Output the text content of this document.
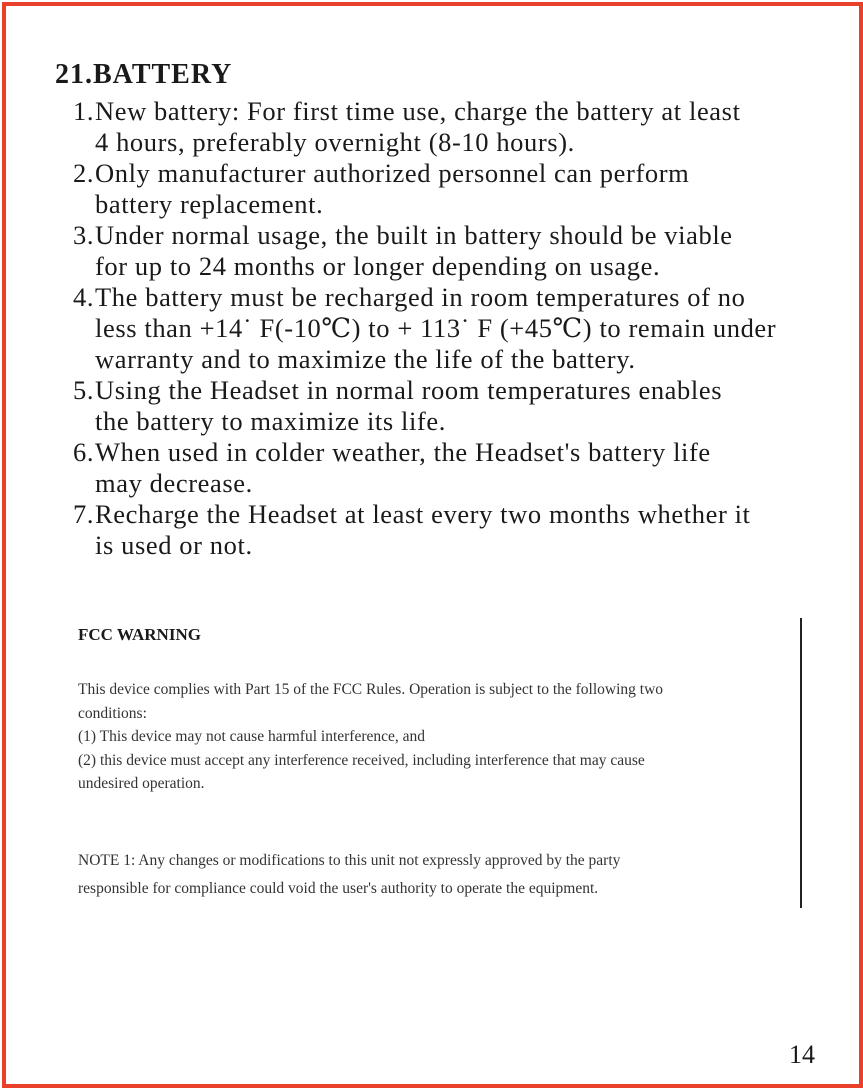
21.BATTERY
1. New battery: For first time use, charge the battery at least
4 hours, preferably overnight (8-10 hours).
2. Only manufacturer authorized personnel can perform
battery replacement.
3. Under normal usage, the built in battery should be viable
for up to 24 months or longer depending on usage.
4. The battery must be recharged in room temperatures of no
less than +14˙ F(-10℃) to + 113˙ F (+45℃) to remain under
warranty and to maximize the life of the battery.
5. Using the Headset in normal room temperatures enables
the battery to maximize its life.
6. When used in colder weather, the Headset's battery life
may decrease.
7. Recharge the Headset at least every two months whether it
is used or not.
FCC WARNING

This device complies with Part 15 of the FCC Rules. Operation is subject to the following two

conditions:

(1) This device may not cause harmful interference, and

(2) this device must accept any interference received, including interference that may cause

undesired operation.

NOTE 1: Any changes or modifications to this unit not expressly approved by the party

responsible for compliance could void the user's authority to operate the equipment.

14
